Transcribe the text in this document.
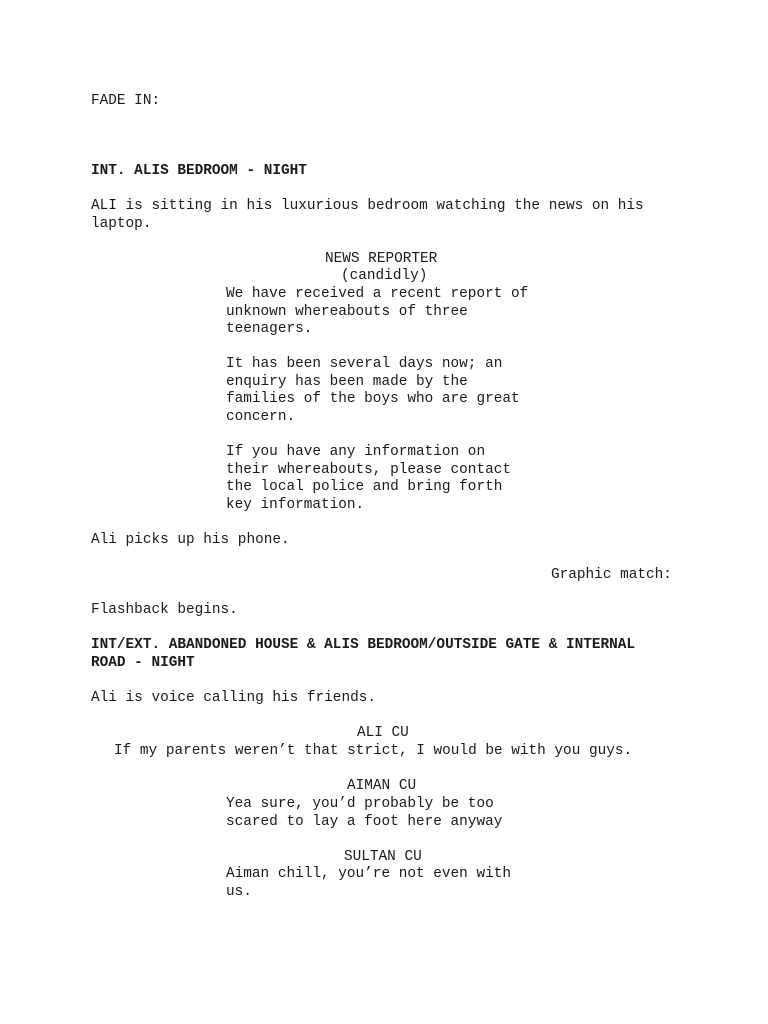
FADE IN:
INT. ALIS BEDROOM - NIGHT
ALI is sitting in his luxurious bedroom watching the news on his
laptop.
NEWS REPORTER
(candidly)
We have received a recent report of
unknown whereabouts of three
teenagers.
It has been several days now; an
enquiry has been made by the
families of the boys who are great
concern.
If you have any information on
their whereabouts, please contact
the local police and bring forth
key information.
Ali picks up his phone.
Graphic match:
Flashback begins.
INT/EXT. ABANDONED HOUSE & ALIS BEDROOM/OUTSIDE GATE & INTERNAL
ROAD - NIGHT
Ali is voice calling his friends.
ALI CU
If my parents weren’t that strict, I would be with you guys.
AIMAN CU
Yea sure, you’d probably be too
scared to lay a foot here anyway
SULTAN CU
Aiman chill, you’re not even with
us.
